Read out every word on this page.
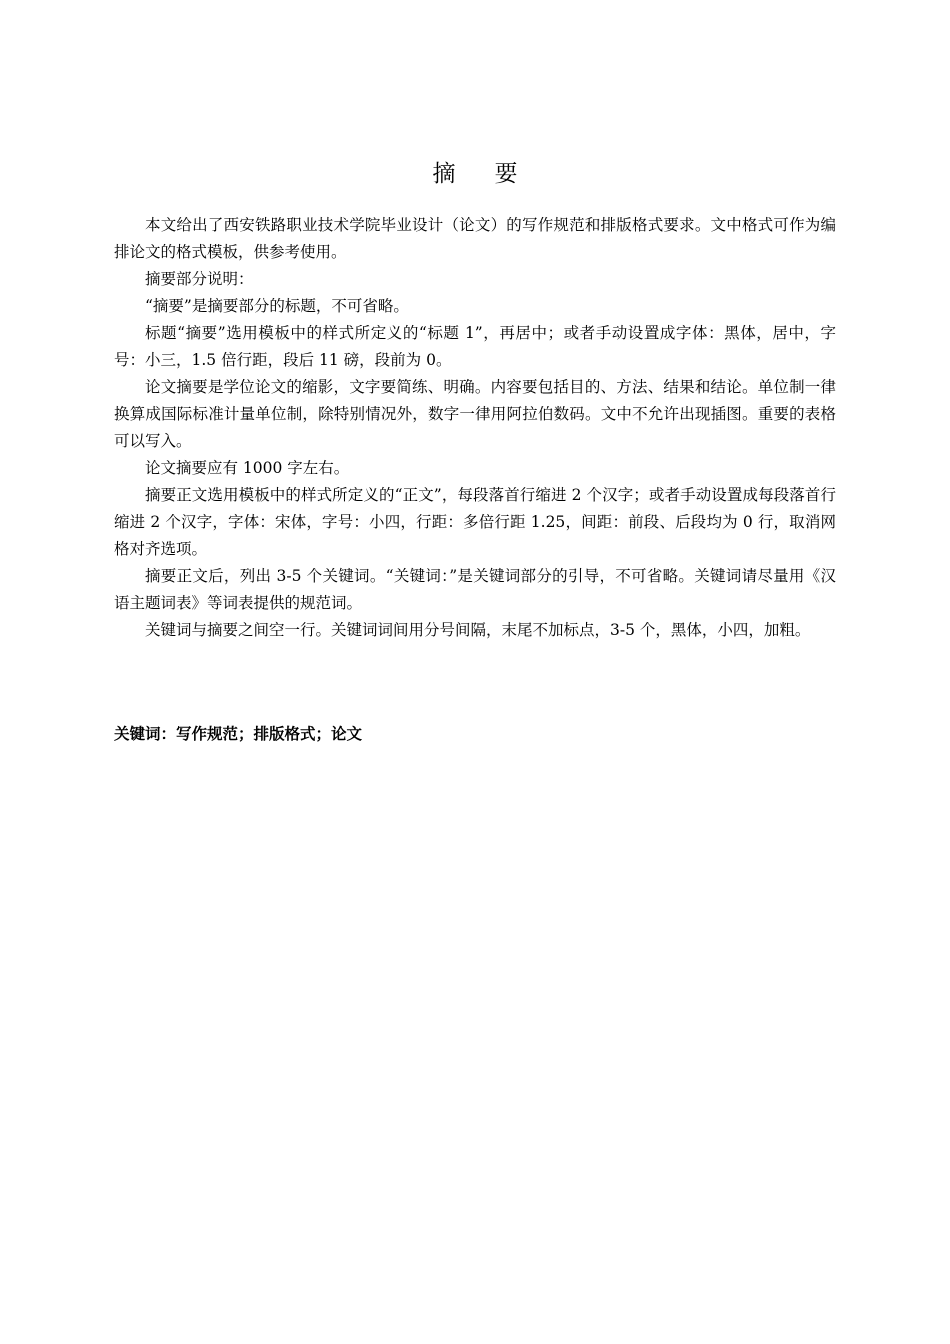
摘要

本文给出了西安铁路职业技术学院毕业设计（论文）的写作规范和排版格式要求。文中格式可作为编排论文的格式模板，供参考使用。

摘要部分说明：

“摘要”是摘要部分的标题，不可省略。

标题“摘要”选用模板中的样式所定义的“标题 1”，再居中；或者手动设置成字体：黑体，居中，字号：小三，1.5 倍行距，段后 11 磅，段前为 0。

论文摘要是学位论文的缩影，文字要简练、明确。内容要包括目的、方法、结果和结论。单位制一律换算成国际标准计量单位制，除特别情况外，数字一律用阿拉伯数码。文中不允许出现插图。重要的表格可以写入。

论文摘要应有 1000 字左右。

摘要正文选用模板中的样式所定义的“正文”，每段落首行缩进 2 个汉字；或者手动设置成每段落首行缩进 2 个汉字，字体：宋体，字号：小四，行距：多倍行距 1.25，间距：前段、后段均为 0 行，取消网格对齐选项。

摘要正文后，列出 3-5 个关键词。“关键词：”是关键词部分的引导，不可省略。关键词请尽量用《汉语主题词表》等词表提供的规范词。

关键词与摘要之间空一行。关键词词间用分号间隔，末尾不加标点，3-5 个，黑体，小四，加粗。

关键词：写作规范；排版格式；论文
